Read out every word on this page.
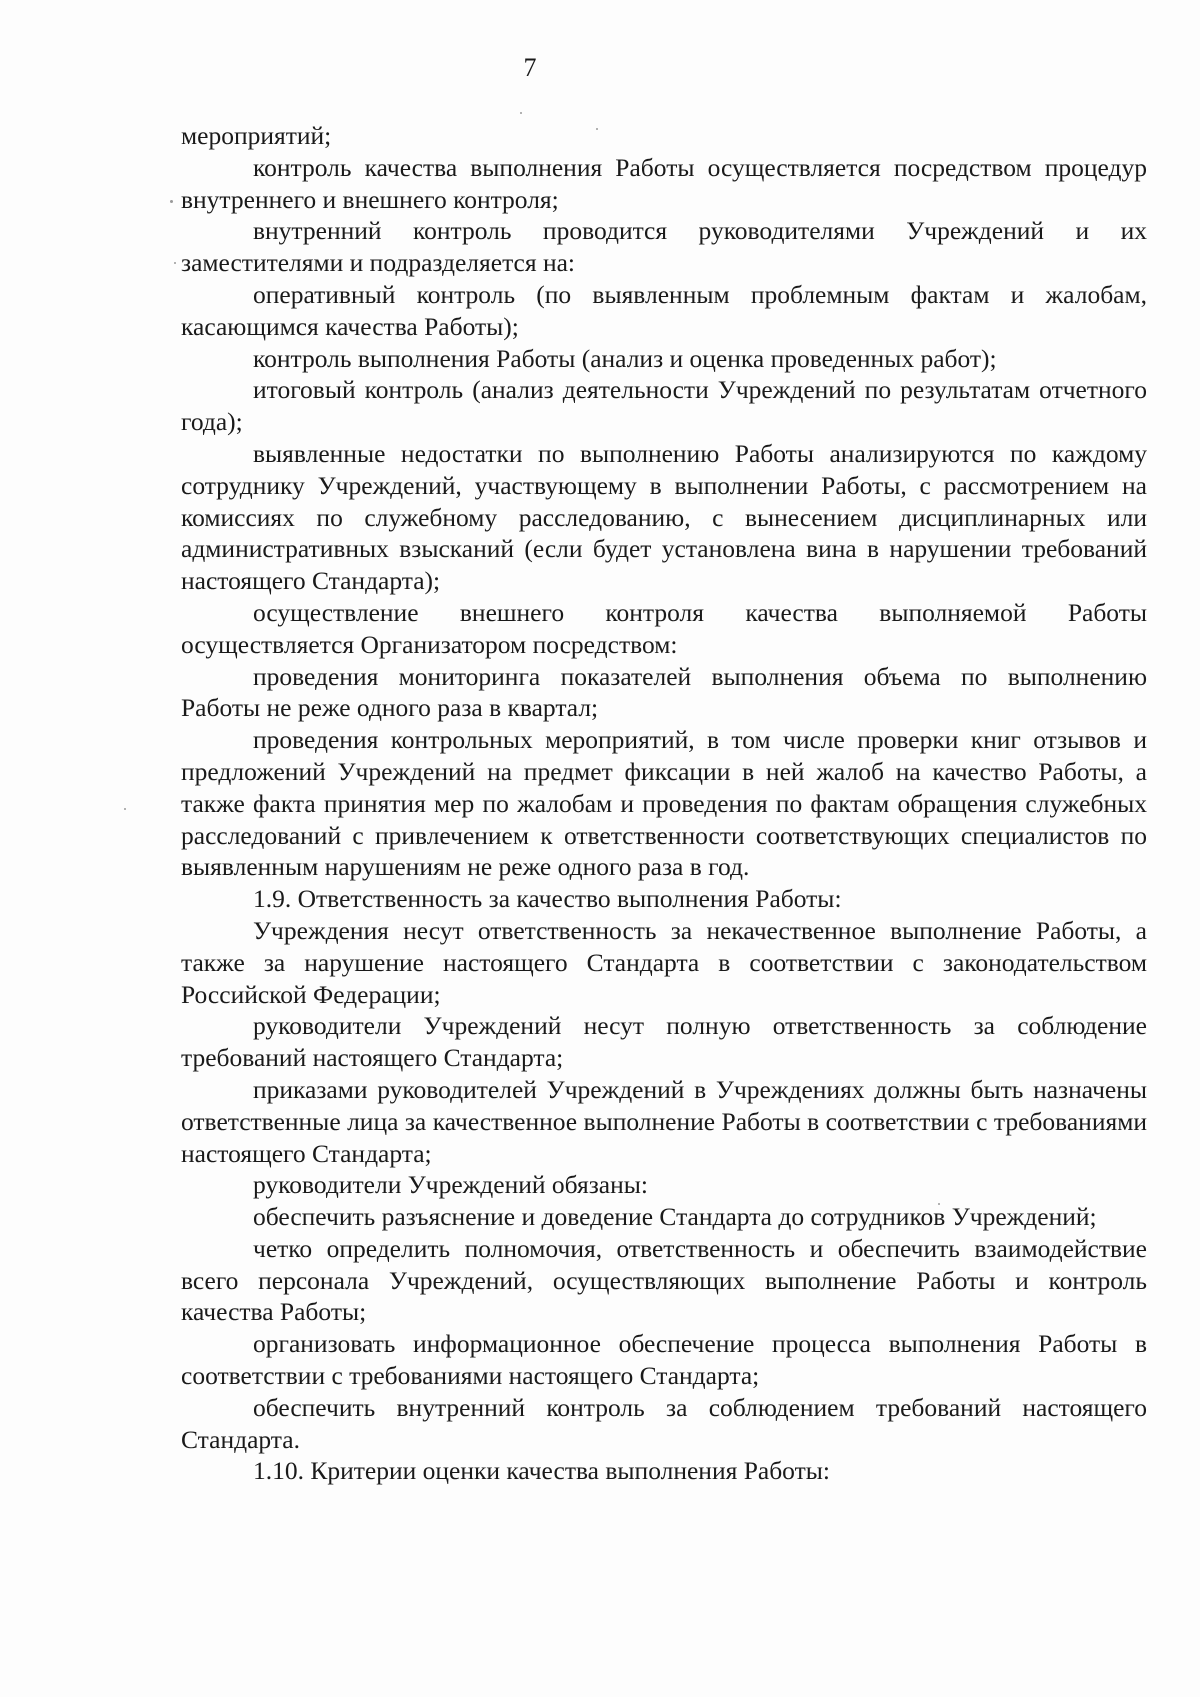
7

мероприятий;

контроль качества выполнения Работы осуществляется посредством процедур внутреннего и внешнего контроля;

внутренний контроль проводится руководителями Учреждений и их заместителями и подразделяется на:

оперативный контроль (по выявленным проблемным фактам и жалобам, касающимся качества Работы);

контроль выполнения Работы (анализ и оценка проведенных работ);

итоговый контроль (анализ деятельности Учреждений по результатам отчетного года);

выявленные недостатки по выполнению Работы анализируются по каждому сотруднику Учреждений, участвующему в выполнении Работы, с рассмотрением на комиссиях по служебному расследованию, с вынесением дисциплинарных или административных взысканий (если будет установлена вина в нарушении требований настоящего Стандарта);

осуществление внешнего контроля качества выполняемой Работы осуществляется Организатором посредством:

проведения мониторинга показателей выполнения объема по выполнению Работы не реже одного раза в квартал;

проведения контрольных мероприятий, в том числе проверки книг отзывов и предложений Учреждений на предмет фиксации в ней жалоб на качество Работы, а также факта принятия мер по жалобам и проведения по фактам обращения служебных расследований с привлечением к ответственности соответствующих специалистов по выявленным нарушениям не реже одного раза в год.

1.9. Ответственность за качество выполнения Работы:

Учреждения несут ответственность за некачественное выполнение Работы, а также за нарушение настоящего Стандарта в соответствии с законодательством Российской Федерации;

руководители Учреждений несут полную ответственность за соблюдение требований настоящего Стандарта;

приказами руководителей Учреждений в Учреждениях должны быть назначены ответственные лица за качественное выполнение Работы в соответствии с требованиями настоящего Стандарта;

руководители Учреждений обязаны:

обеспечить разъяснение и доведение Стандарта до сотрудников Учреждений;

четко определить полномочия, ответственность и обеспечить взаимодействие всего персонала Учреждений, осуществляющих выполнение Работы и контроль качества Работы;

организовать информационное обеспечение процесса выполнения Работы в соответствии с требованиями настоящего Стандарта;

обеспечить внутренний контроль за соблюдением требований настоящего Стандарта.

1.10. Критерии оценки качества выполнения Работы:
